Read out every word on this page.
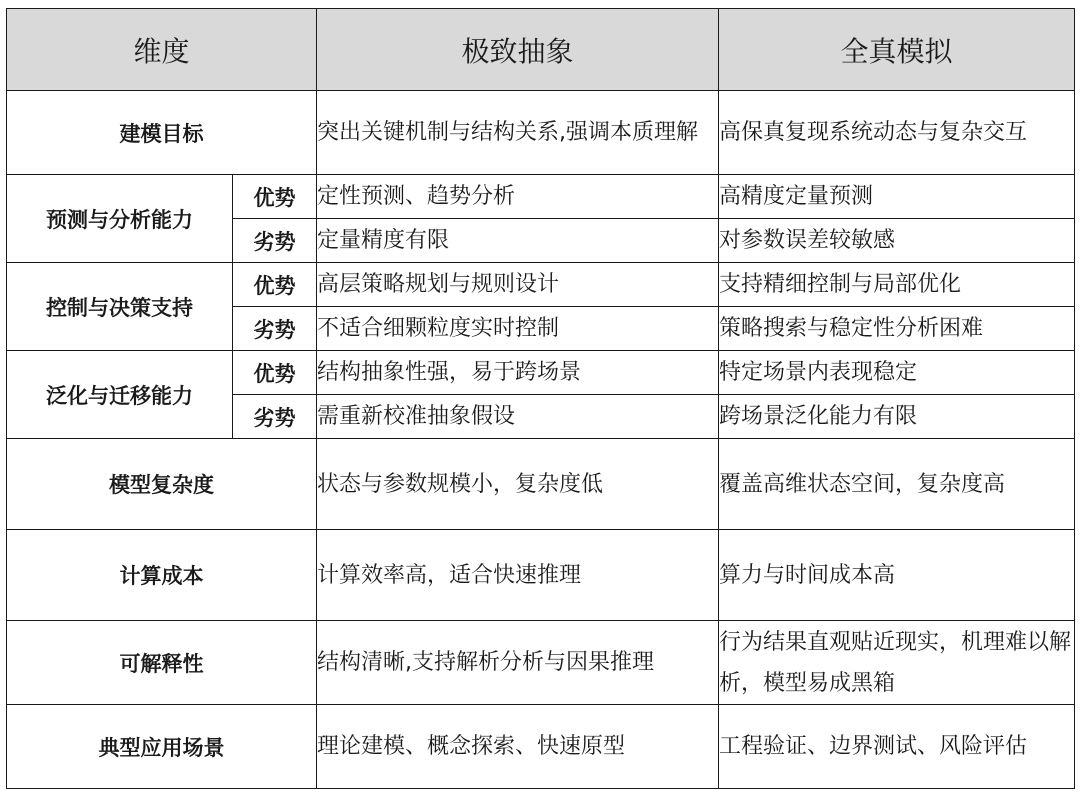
维度		极致抽象	全真模拟
建模目标		突出关键机制与结构关系,强调本质理解	高保真复现系统动态与复杂交互
预测与分析能力	优势	定性预测、趋势分析	高精度定量预测
	劣势	定量精度有限	对参数误差较敏感
控制与决策支持	优势	高层策略规划与规则设计	支持精细控制与局部优化
	劣势	不适合细颗粒度实时控制	策略搜索与稳定性分析困难
泛化与迁移能力	优势	结构抽象性强，易于跨场景	特定场景内表现稳定
	劣势	需重新校准抽象假设	跨场景泛化能力有限
模型复杂度		状态与参数规模小，复杂度低	覆盖高维状态空间，复杂度高
计算成本		计算效率高，适合快速推理	算力与时间成本高
可解释性		结构清晰,支持解析分析与因果推理	行为结果直观贴近现实，机理难以解析，模型易成黑箱
典型应用场景		理论建模、概念探索、快速原型	工程验证、边界测试、风险评估
